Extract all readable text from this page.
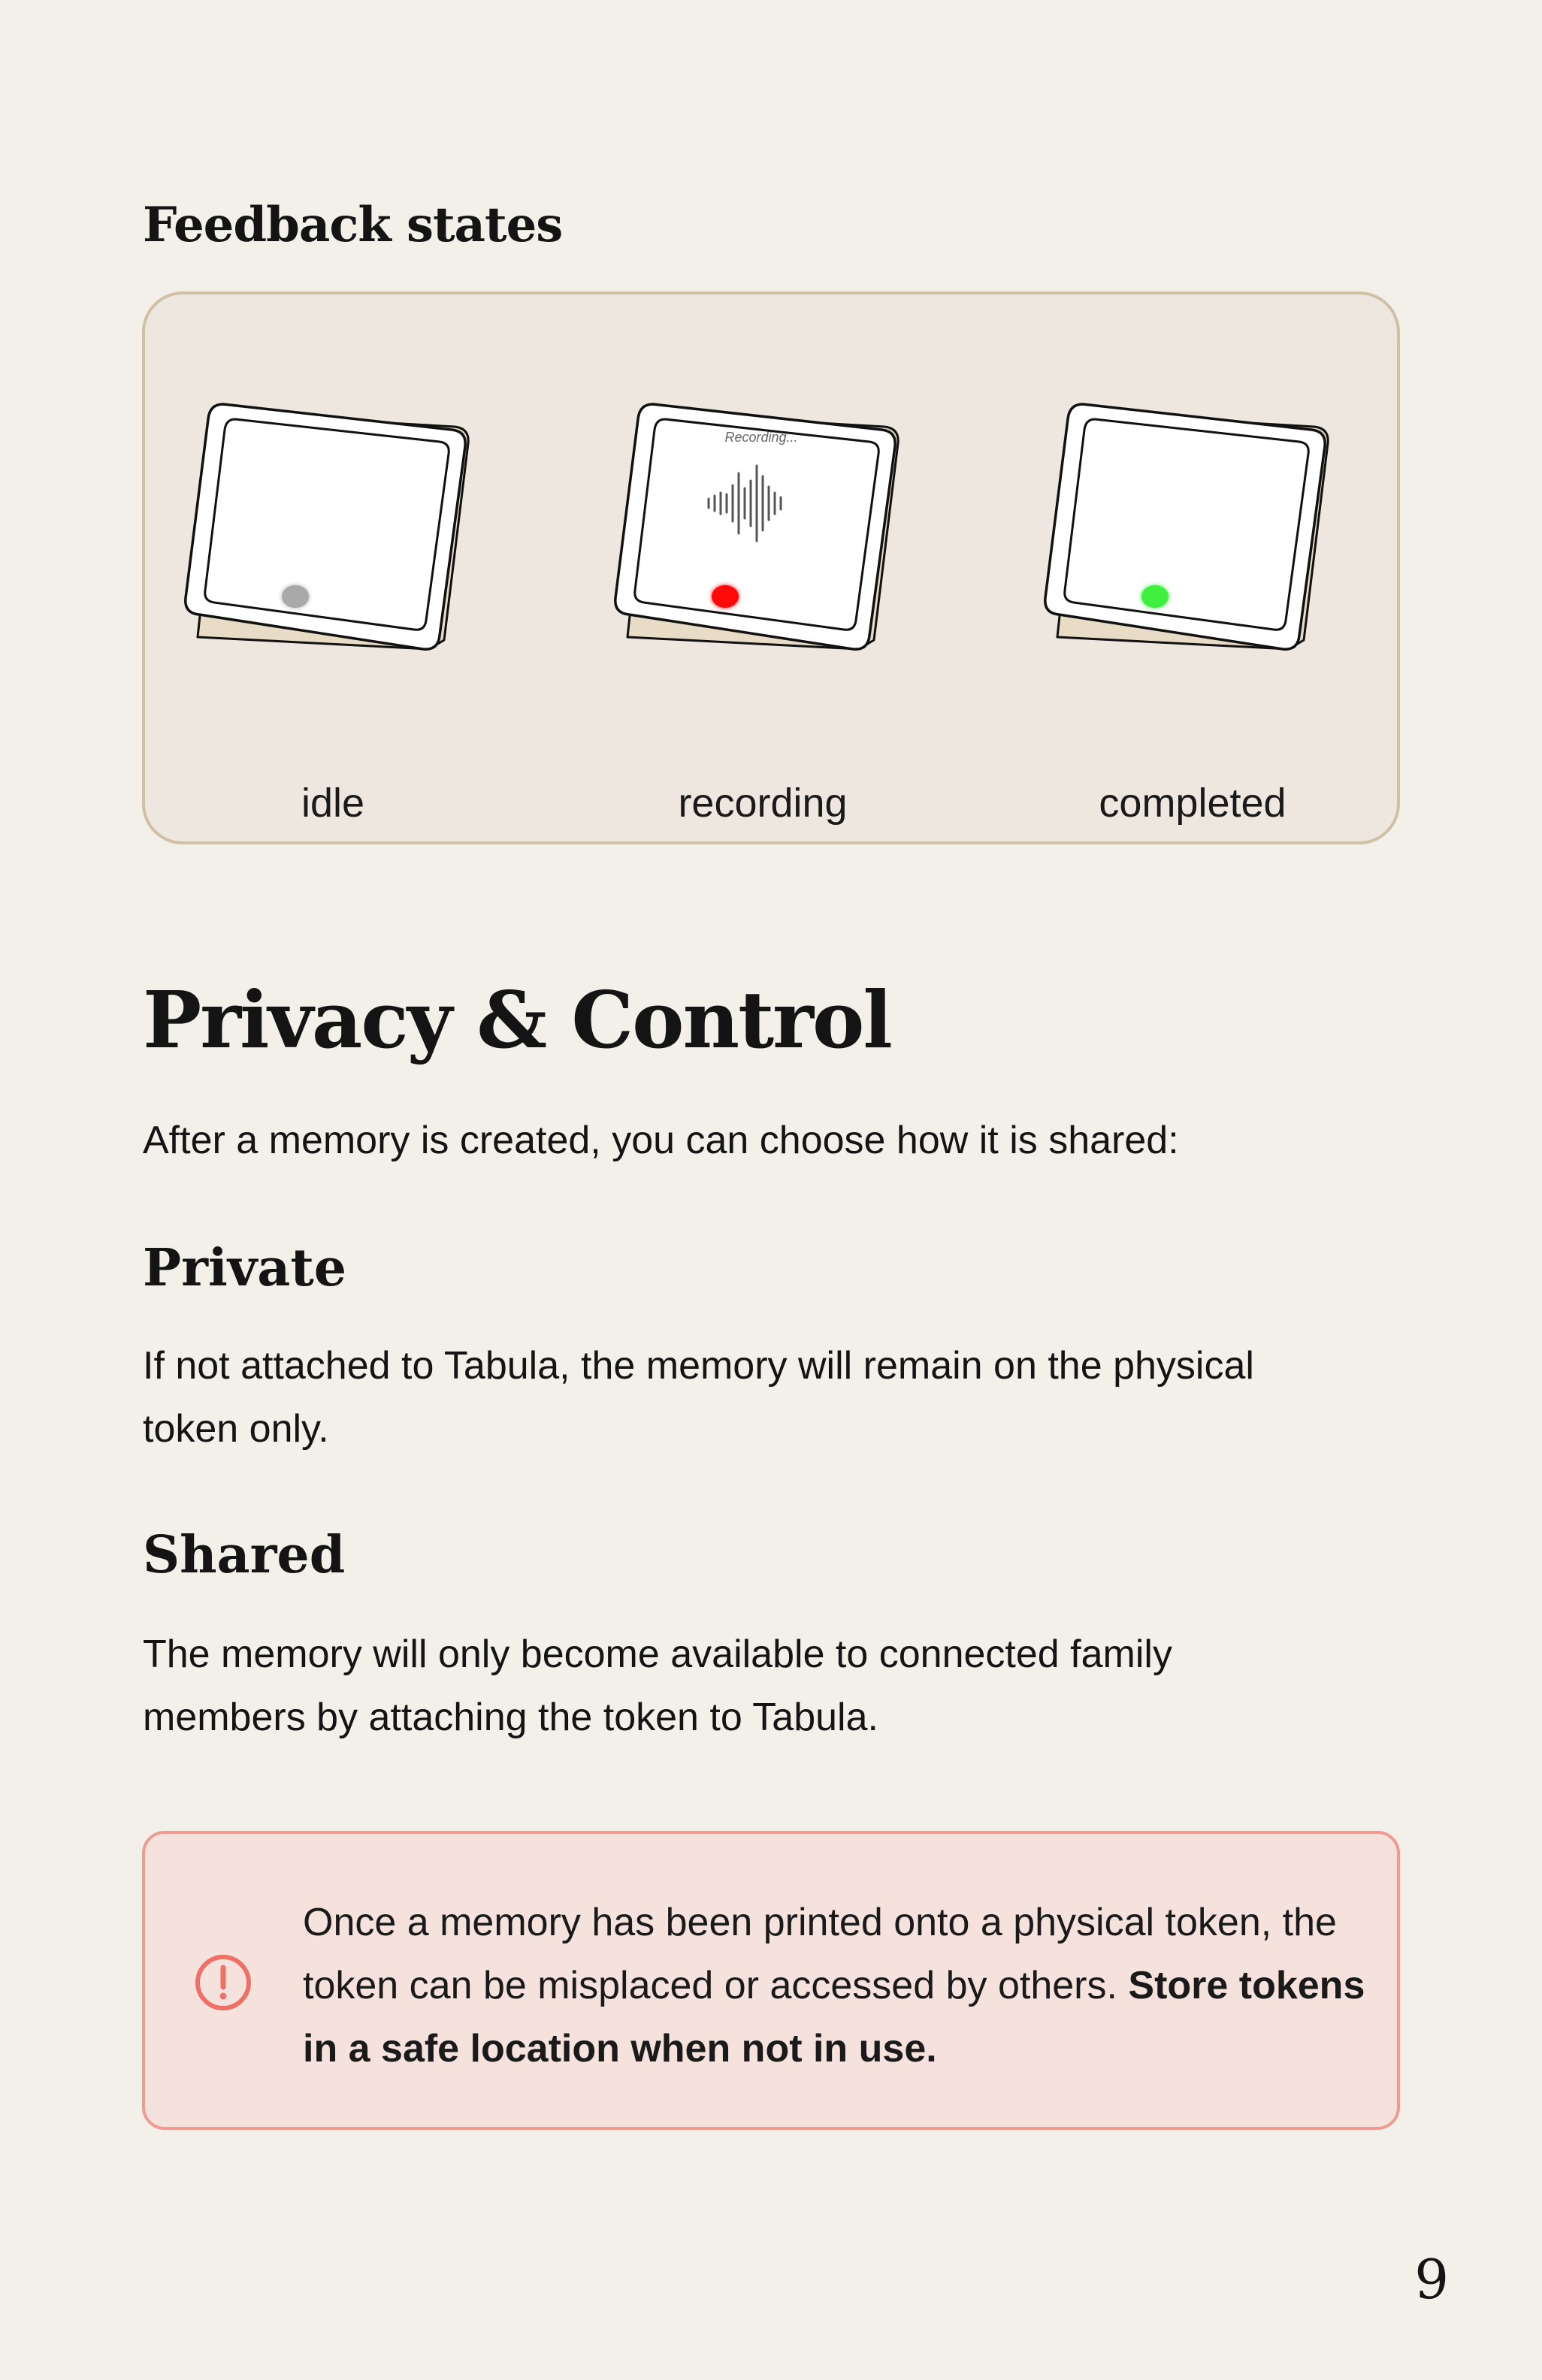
Feedback states
idle
Recording...
recording	completed
Privacy & Control

After a memory is created, you can choose how it is shared:

Private

If not attached to Tabula, the memory will remain on the physical token only.

Shared

The memory will only become available to connected family members by attaching the token to Tabula.

Once a memory has been printed onto a physical token, the token can be misplaced or accessed by others. Store tokens in a safe location when not in use.

9
